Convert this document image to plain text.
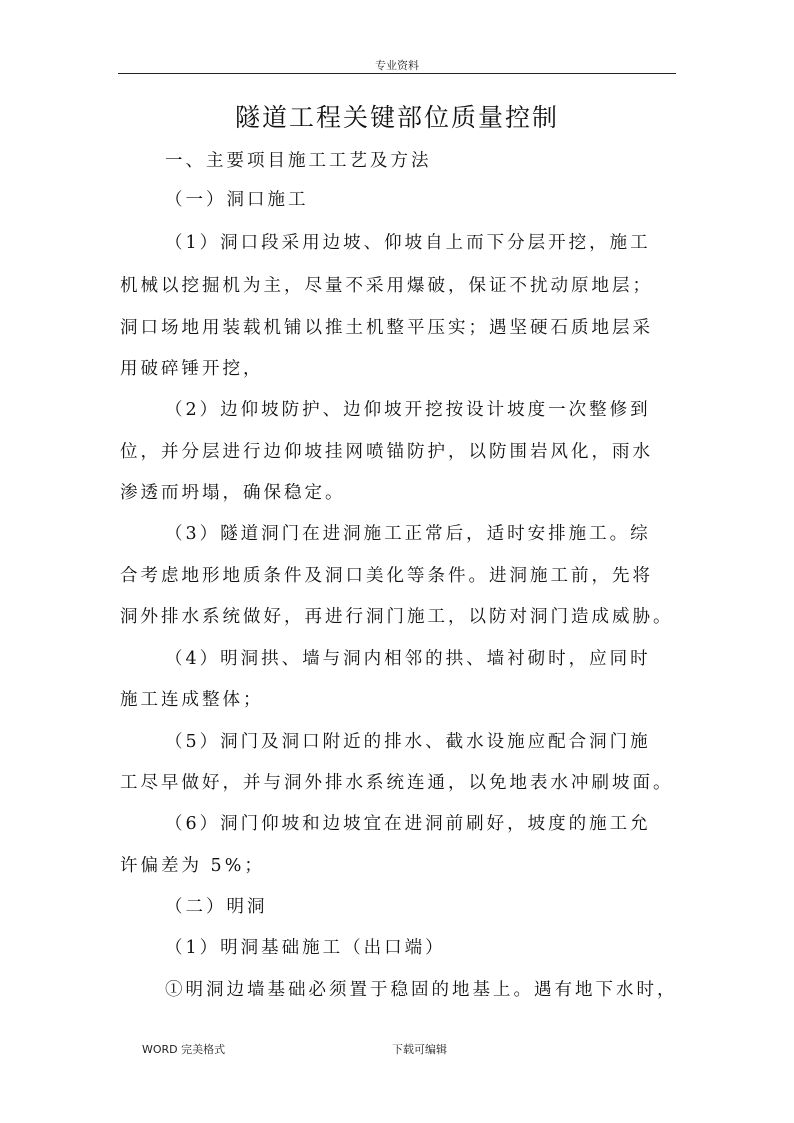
专业资料
隧道工程关键部位质量控制
一、主要项目施工工艺及方法
（一）洞口施工
（1）洞口段采用边坡、仰坡自上而下分层开挖，施工
机械以挖掘机为主，尽量不采用爆破，保证不扰动原地层；
洞口场地用装载机铺以推土机整平压实；遇坚硬石质地层采
用破碎锤开挖，
（2）边仰坡防护、边仰坡开挖按设计坡度一次整修到
位，并分层进行边仰坡挂网喷锚防护，以防围岩风化，雨水
渗透而坍塌，确保稳定。
（3）隧道洞门在进洞施工正常后，适时安排施工。综
合考虑地形地质条件及洞口美化等条件。进洞施工前，先将
洞外排水系统做好，再进行洞门施工，以防对洞门造成威胁。
（4）明洞拱、墙与洞内相邻的拱、墙衬砌时，应同时
施工连成整体；
（5）洞门及洞口附近的排水、截水设施应配合洞门施
工尽早做好，并与洞外排水系统连通，以免地表水冲刷坡面。
（6）洞门仰坡和边坡宜在进洞前刷好，坡度的施工允
许偏差为 5%；
（二）明洞
（1）明洞基础施工（出口端）
①明洞边墙基础必须置于稳固的地基上。遇有地下水时，
WORD 完美格式	下载可编辑
